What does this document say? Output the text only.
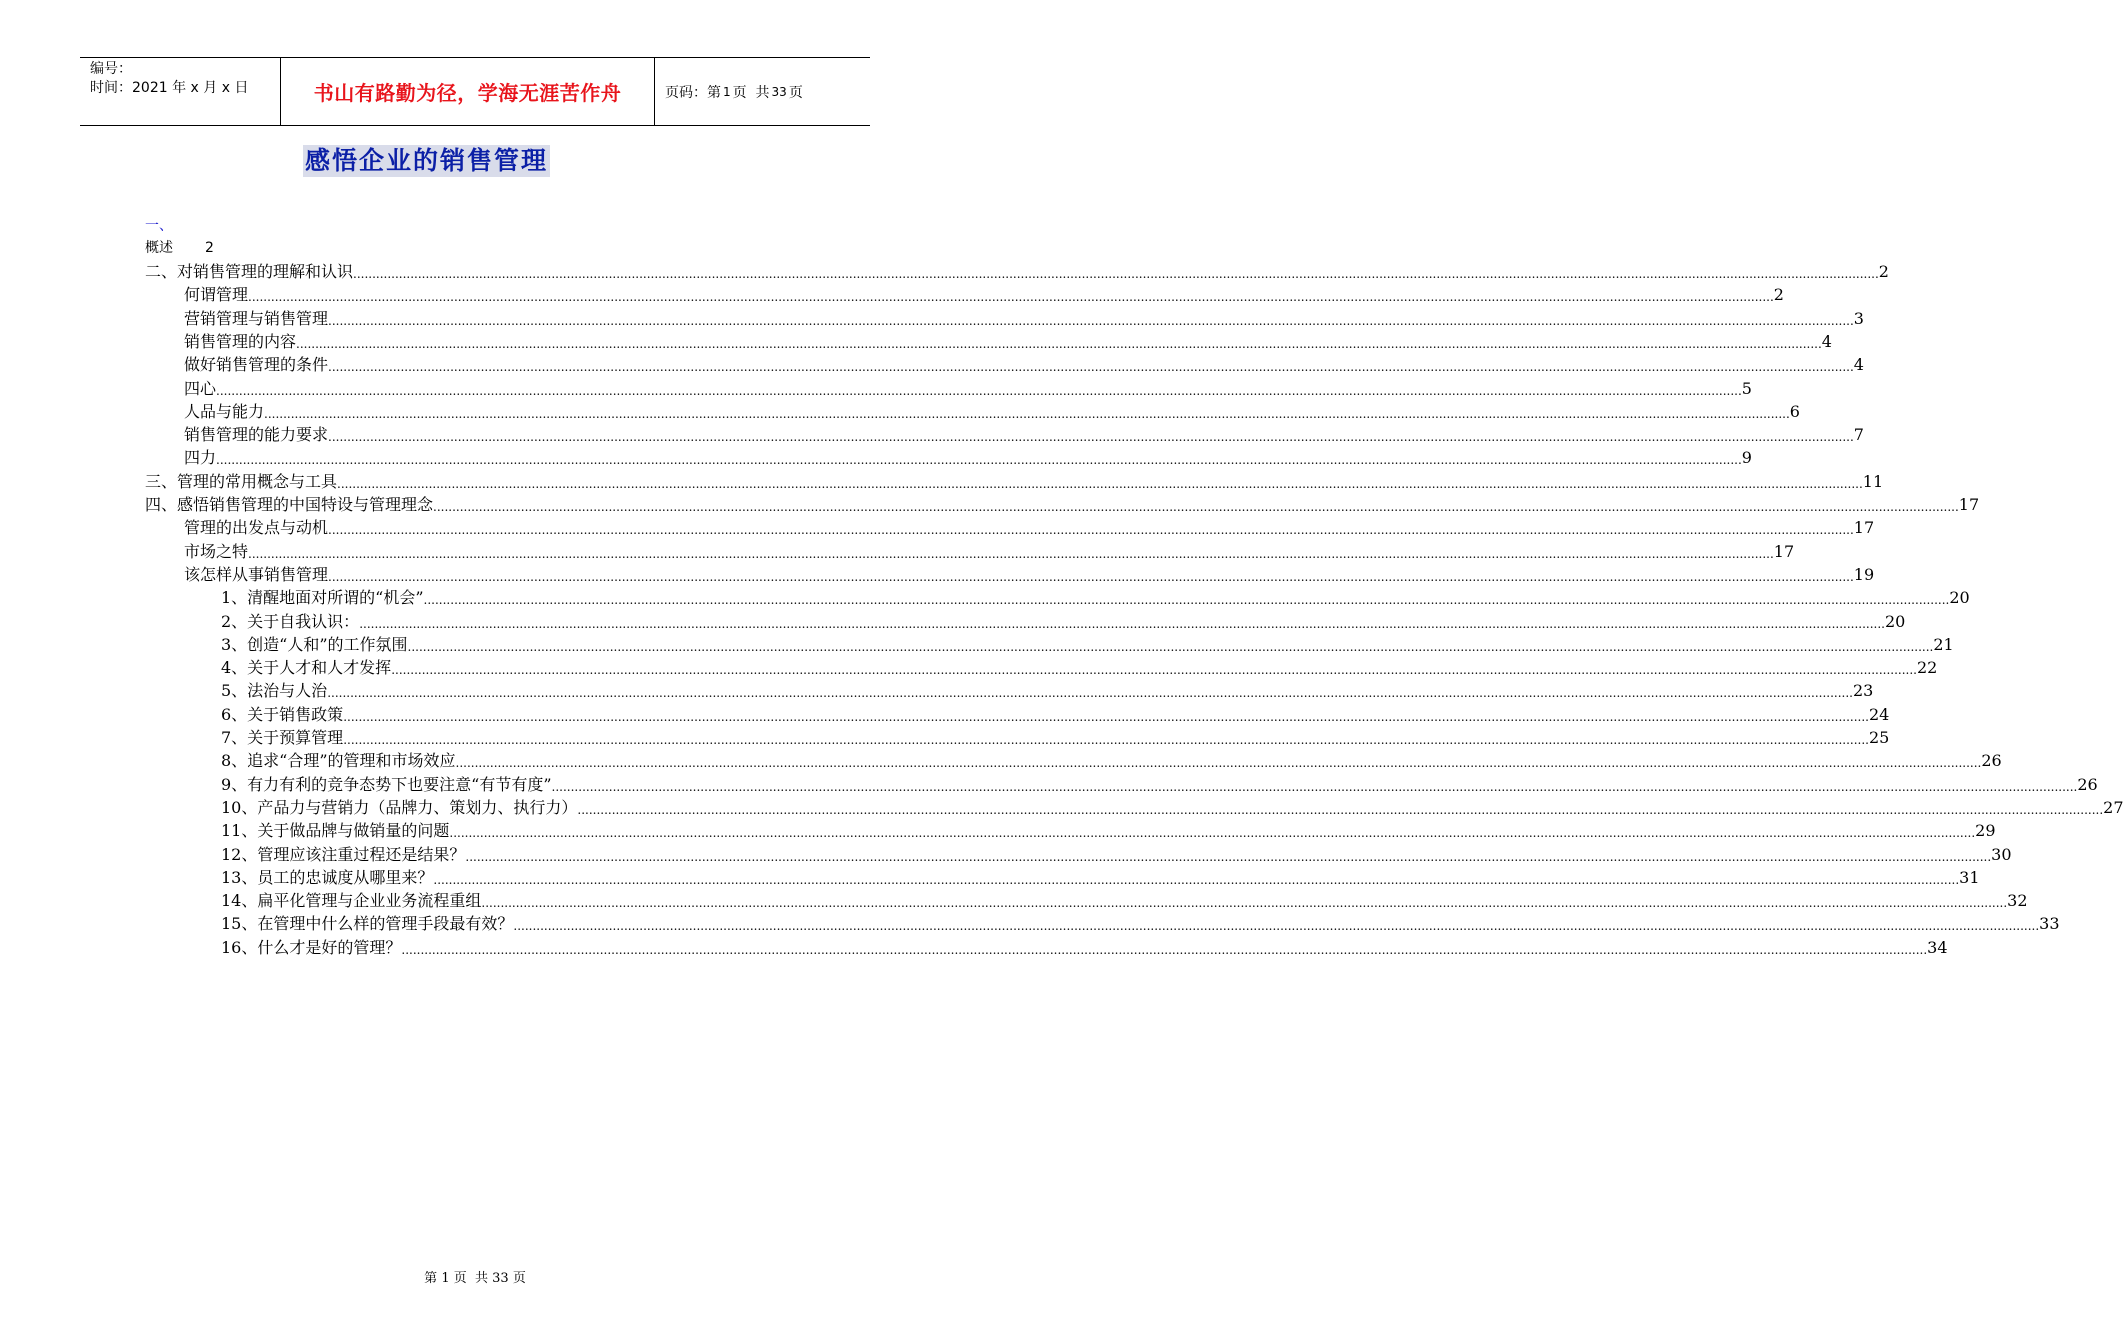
编号：
时间：2021 年 x 月 x 日	书山有路勤为径，学海无涯苦作舟	页码：第 1 页  共 33 页
感悟企业的销售管理
一、
概述 2
二、对销售管理的理解和认识 ................................................................................................................................................................................................................................................................................................................................................................................................................ 2
何谓管理 ................................................................................................................................................................................................................................................................................................................................................................................................................ 2
营销管理与销售管理 ................................................................................................................................................................................................................................................................................................................................................................................................................ 3
销售管理的内容 ................................................................................................................................................................................................................................................................................................................................................................................................................ 4
做好销售管理的条件 ................................................................................................................................................................................................................................................................................................................................................................................................................ 4
四心 ................................................................................................................................................................................................................................................................................................................................................................................................................ 5
人品与能力 ................................................................................................................................................................................................................................................................................................................................................................................................................ 6
销售管理的能力要求 ................................................................................................................................................................................................................................................................................................................................................................................................................ 7
四力 ................................................................................................................................................................................................................................................................................................................................................................................................................ 9
三、管理的常用概念与工具 ................................................................................................................................................................................................................................................................................................................................................................................................................ 11
四、感悟销售管理的中国特设与管理理念 ................................................................................................................................................................................................................................................................................................................................................................................................................ 17
管理的出发点与动机 ................................................................................................................................................................................................................................................................................................................................................................................................................ 17
市场之特 ................................................................................................................................................................................................................................................................................................................................................................................................................ 17
该怎样从事销售管理 ................................................................................................................................................................................................................................................................................................................................................................................................................ 19
1、清醒地面对所谓的“机会” ................................................................................................................................................................................................................................................................................................................................................................................................................ 20
2、关于自我认识： ................................................................................................................................................................................................................................................................................................................................................................................................................ 20
3、创造“人和”的工作氛围 ................................................................................................................................................................................................................................................................................................................................................................................................................ 21
4、关于人才和人才发挥 ................................................................................................................................................................................................................................................................................................................................................................................................................ 22
5、法治与人治 ................................................................................................................................................................................................................................................................................................................................................................................................................ 23
6、关于销售政策 ................................................................................................................................................................................................................................................................................................................................................................................................................ 24
7、关于预算管理 ................................................................................................................................................................................................................................................................................................................................................................................................................ 25
8、追求“合理”的管理和市场效应 ................................................................................................................................................................................................................................................................................................................................................................................................................ 26
9、有力有利的竞争态势下也要注意“有节有度” ................................................................................................................................................................................................................................................................................................................................................................................................................ 26
10、产品力与营销力（品牌力、策划力、执行力） ................................................................................................................................................................................................................................................................................................................................................................................................................ 27
11、关于做品牌与做销量的问题 ................................................................................................................................................................................................................................................................................................................................................................................................................ 29
12、管理应该注重过程还是结果？ ................................................................................................................................................................................................................................................................................................................................................................................................................ 30
13、员工的忠诚度从哪里来？ ................................................................................................................................................................................................................................................................................................................................................................................................................ 31
14、扁平化管理与企业业务流程重组 ................................................................................................................................................................................................................................................................................................................................................................................................................ 32
15、在管理中什么样的管理手段最有效？ ................................................................................................................................................................................................................................................................................................................................................................................................................ 33
16、什么才是好的管理？ ................................................................................................................................................................................................................................................................................................................................................................................................................ 34
第 1 页  共 33 页
